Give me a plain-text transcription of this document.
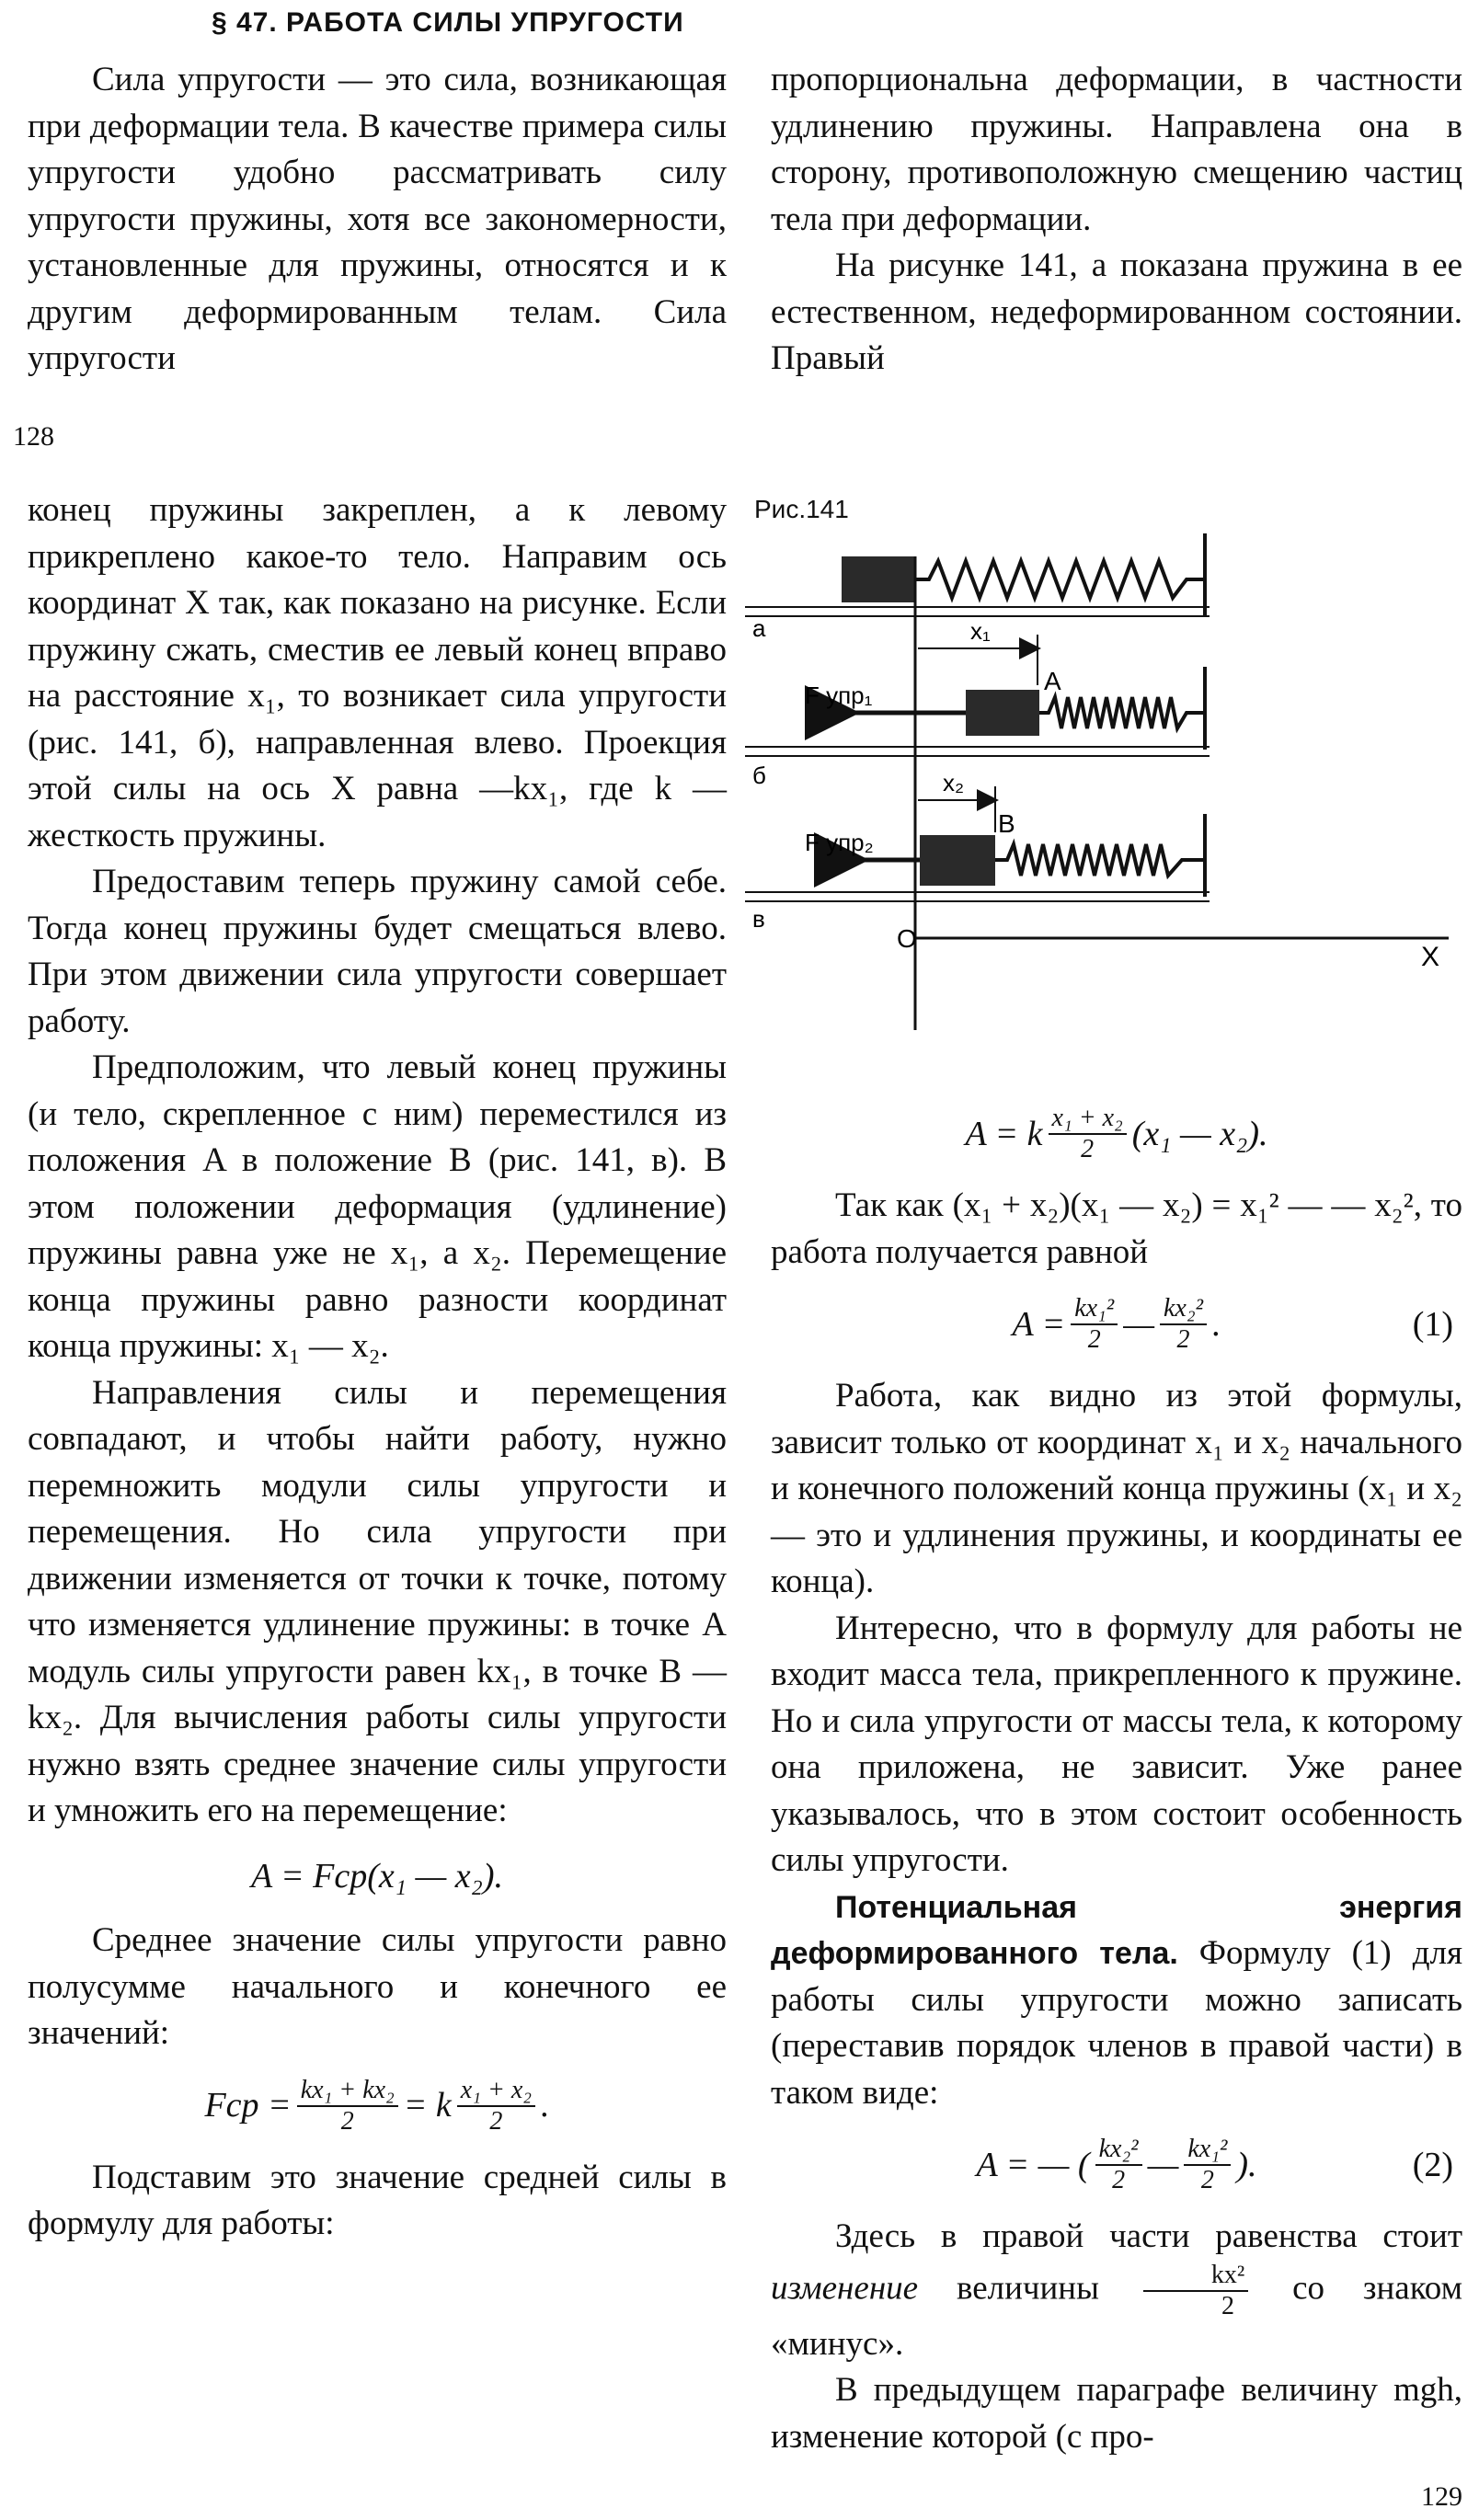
§ 47. РАБОТА СИЛЫ УПРУГОСТИ

Сила упругости — это сила, возникающая при деформации тела. В качестве примера силы упругости удобно рассматривать силу упругости пружины, хотя все закономерности, установленные для пружины, относятся и к другим деформированным телам. Сила упругости

пропорциональна деформации, в частности удлинению пружины. Направлена она в сторону, противоположную смещению частиц тела при деформации.

На рисунке 141, а показана пружина в ее естественном, недеформированном состоянии. Правый

128

конец пружины закреплен, а к левому прикреплено какое-то тело. Направим ось координат X так, как показано на рисунке. Если пружину сжать, сместив ее левый конец вправо на расстояние x₁, то возникает сила упругости (рис. 141, б), направленная влево. Проекция этой силы на ось X равна —kx₁, где k — жесткость пружины.

Предоставим теперь пружину самой себе. Тогда конец пружины будет смещаться влево. При этом движении сила упругости совершает работу.

Предположим, что левый конец пружины (и тело, скрепленное с ним) переместился из положения A в положение B (рис. 141, в). В этом положении деформация (удлинение) пружины равна уже не x₁, а x₂. Перемещение конца пружины равно разности координат конца пружины: x₁ — x₂.

Направления силы и перемещения совпадают, и чтобы найти работу, нужно перемножить модули силы упругости и перемещения. Но сила упругости при движении изменяется от точки к точке, потому что изменяется удлинение пружины: в точке A модуль силы упругости равен kx₁, в точке B — kx₂. Для вычисления работы силы упругости нужно взять среднее значение силы упругости и умножить его на перемещение:

A = Fср(x₁ — x₂).

Среднее значение силы упругости равно полусумме начального и конечного ее значений:

Fср = $\frac{\text{kx₁ + kx₂}}{2} = k \frac{\text{x₁ + x₂}}{2}$ .

Подставим это значение средней силы в формулу для работы:

Рис.141
а	x₁
F упр₁	A
б	x₂
F упр₂
B
в
O
X
A = k $\frac{\text{x₁ + x₂}}{2} (x_1$ — x₂).

Так как (x₁ + x₂)(x₁ — x₂) = x₁² — — x₂², то работа получается равной

$A = \frac{\text{kx₁²}}{2}$ — $\frac{\text{kx₂²}}{2}$ .	(1)

Работа, как видно из этой формулы, зависит только от координат x₁ и x₂ начального и конечного положений конца пружины (x₁ и x₂ — это и удлинения пружины, и координаты ее конца).

Интересно, что в формулу для работы не входит масса тела, прикрепленного к пружине. Но и сила упругости от массы тела, к которому она приложена, не зависит. Уже ранее указывалось, что в этом состоит особенность силы упругости.

Потенциальная энергия деформированного тела. Формулу (1) для работы силы упругости можно записать (переставив порядок членов в правой части) в таком виде:

A = — ( $\frac{\text{kx₂²}}{2}$ — $\frac{\text{kx₁²}}{2}$ ).	(2)

Здесь в правой части равенства стоит изменение величины $\frac{\text{kx²}}{2}$ со знаком «минус».

В предыдущем параграфе величину mgh, изменение которой (с про-

129
